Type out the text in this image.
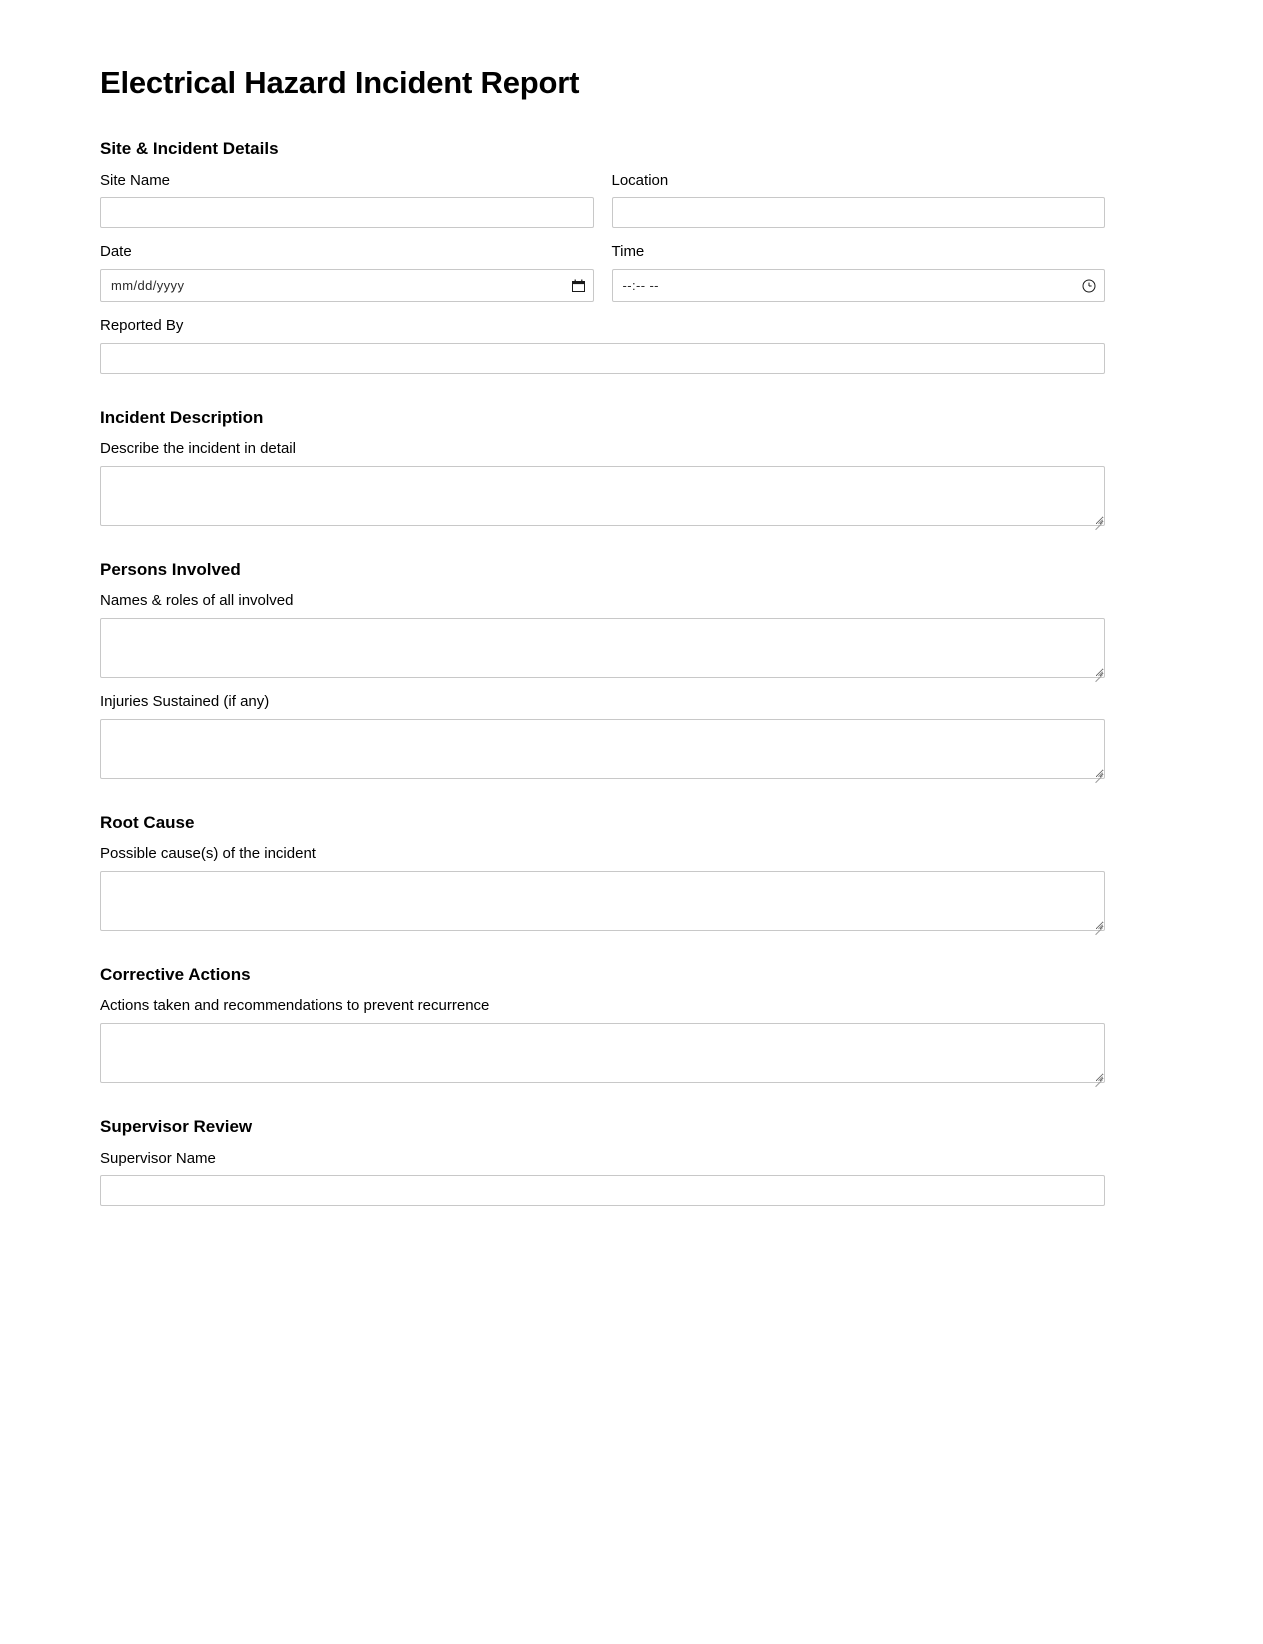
Electrical Hazard Incident Report
Site & Incident Details
Site Name	Location
Date
mm/dd/yyyy
Time
--:-- --
Reported By
Incident Description
Describe the incident in detail
Persons Involved
Names & roles of all involved
Injuries Sustained (if any)
Root Cause
Possible cause(s) of the incident
Corrective Actions
Actions taken and recommendations to prevent recurrence
Supervisor Review
Supervisor Name
